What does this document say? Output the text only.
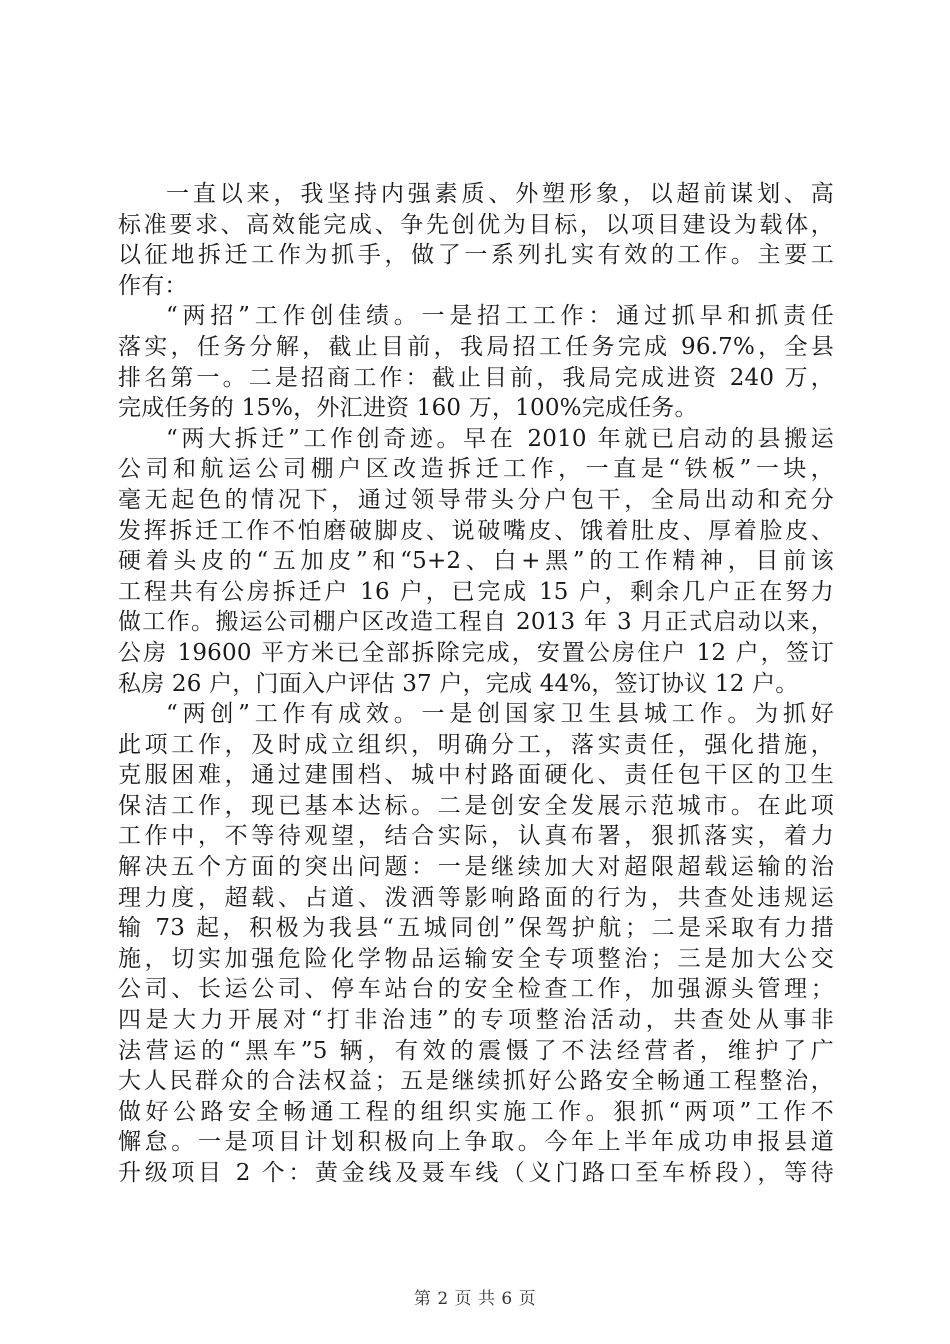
一直以来，我坚持内强素质、外塑形象，以超前谋划、高
标准要求、高效能完成、争先创优为目标，以项目建设为载体，
以征地拆迁工作为抓手，做了一系列扎实有效的工作。主要工
作有：
“两招”工作创佳绩。一是招工工作：通过抓早和抓责任
落实，任务分解，截止目前，我局招工任务完成 96.7%，全县
排名第一。二是招商工作：截止目前，我局完成进资 240 万，
完成任务的 15%，外汇进资 160 万，100%完成任务。
“两大拆迁”工作创奇迹。早在 2010 年就已启动的县搬运
公司和航运公司棚户区改造拆迁工作，一直是“铁板”一块，
毫无起色的情况下，通过领导带头分户包干，全局出动和充分
发挥拆迁工作不怕磨破脚皮、说破嘴皮、饿着肚皮、厚着脸皮、
硬着头皮的“五加皮”和“5+2、白+黑”的工作精神，目前该
工程共有公房拆迁户 16 户，已完成 15 户，剩余几户正在努力
做工作。搬运公司棚户区改造工程自 2013 年 3 月正式启动以来，
公房 19600 平方米已全部拆除完成，安置公房住户 12 户，签订
私房 26 户，门面入户评估 37 户，完成 44%，签订协议 12 户。
“两创”工作有成效。一是创国家卫生县城工作。为抓好
此项工作，及时成立组织，明确分工，落实责任，强化措施，
克服困难，通过建围档、城中村路面硬化、责任包干区的卫生
保洁工作，现已基本达标。二是创安全发展示范城市。在此项
工作中，不等待观望，结合实际，认真布署，狠抓落实，着力
解决五个方面的突出问题：一是继续加大对超限超载运输的治
理力度，超载、占道、泼洒等影响路面的行为，共查处违规运
输 73 起，积极为我县“五城同创”保驾护航；二是采取有力措
施，切实加强危险化学物品运输安全专项整治；三是加大公交
公司、长运公司、停车站台的安全检查工作，加强源头管理；
四是大力开展对“打非治违”的专项整治活动，共查处从事非
法营运的“黑车”5 辆，有效的震慑了不法经营者，维护了广
大人民群众的合法权益；五是继续抓好公路安全畅通工程整治，
做好公路安全畅通工程的组织实施工作。狠抓“两项”工作不
懈怠。一是项目计划积极向上争取。今年上半年成功申报县道
升级项目 2 个：黄金线及聂车线（义门路口至车桥段），等待
第 2 页 共 6 页
